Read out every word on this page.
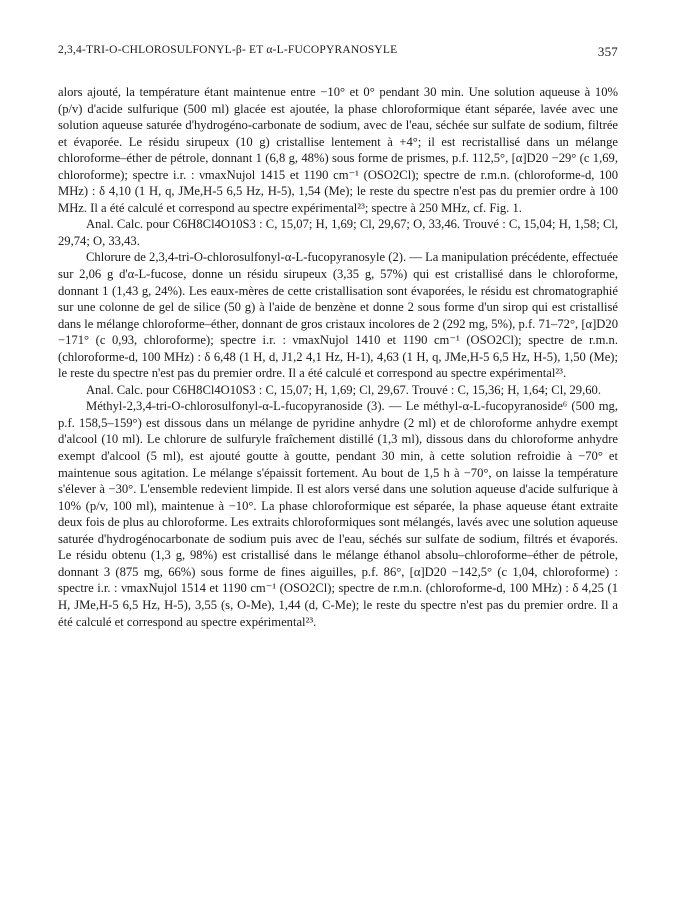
2,3,4-TRI-O-CHLOROSULFONYL-β- ET α-L-FUCOPYRANOSYLE	357

alors ajouté, la température étant maintenue entre −10° et 0° pendant 30 min. Une solution aqueuse à 10% (p/v) d'acide sulfurique (500 ml) glacée est ajoutée, la phase chloroformique étant séparée, lavée avec une solution aqueuse saturée d'hydrogéno-carbonate de sodium, avec de l'eau, séchée sur sulfate de sodium, filtrée et évaporée. Le résidu sirupeux (10 g) cristallise lentement à +4°; il est recristallisé dans un mélange chloroforme–éther de pétrole, donnant 1 (6,8 g, 48%) sous forme de prismes, p.f. 112,5°, [α]D20 −29° (c 1,69, chloroforme); spectre i.r. : νmaxNujol 1415 et 1190 cm⁻¹ (OSO2Cl); spectre de r.m.n. (chloroforme-d, 100 MHz) : δ 4,10 (1 H, q, JMe,H-5 6,5 Hz, H-5), 1,54 (Me); le reste du spectre n'est pas du premier ordre à 100 MHz. Il a été calculé et correspond au spectre expérimental²³; spectre à 250 MHz, cf. Fig. 1.

Anal. Calc. pour C6H8Cl4O10S3 : C, 15,07; H, 1,69; Cl, 29,67; O, 33,46. Trouvé : C, 15,04; H, 1,58; Cl, 29,74; O, 33,43.

Chlorure de 2,3,4-tri-O-chlorosulfonyl-α-L-fucopyranosyle (2). — La manipulation précédente, effectuée sur 2,06 g d'α-L-fucose, donne un résidu sirupeux (3,35 g, 57%) qui est cristallisé dans le chloroforme, donnant 1 (1,43 g, 24%). Les eaux-mères de cette cristallisation sont évaporées, le résidu est chromatographié sur une colonne de gel de silice (50 g) à l'aide de benzène et donne 2 sous forme d'un sirop qui est cristallisé dans le mélange chloroforme–éther, donnant de gros cristaux incolores de 2 (292 mg, 5%), p.f. 71–72°, [α]D20 −171° (c 0,93, chloroforme); spectre i.r. : νmaxNujol 1410 et 1190 cm⁻¹ (OSO2Cl); spectre de r.m.n. (chloroforme-d, 100 MHz) : δ 6,48 (1 H, d, J1,2 4,1 Hz, H-1), 4,63 (1 H, q, JMe,H-5 6,5 Hz, H-5), 1,50 (Me); le reste du spectre n'est pas du premier ordre. Il a été calculé et correspond au spectre expérimental²³.

Anal. Calc. pour C6H8Cl4O10S3 : C, 15,07; H, 1,69; Cl, 29,67. Trouvé : C, 15,36; H, 1,64; Cl, 29,60.

Méthyl-2,3,4-tri-O-chlorosulfonyl-α-L-fucopyranoside (3). — Le méthyl-α-L-fucopyranoside⁶ (500 mg, p.f. 158,5–159°) est dissous dans un mélange de pyridine anhydre (2 ml) et de chloroforme anhydre exempt d'alcool (10 ml). Le chlorure de sulfuryle fraîchement distillé (1,3 ml), dissous dans du chloroforme anhydre exempt d'alcool (5 ml), est ajouté goutte à goutte, pendant 30 min, à cette solution refroidie à −70° et maintenue sous agitation. Le mélange s'épaissit fortement. Au bout de 1,5 h à −70°, on laisse la température s'élever à −30°. L'ensemble redevient limpide. Il est alors versé dans une solution aqueuse d'acide sulfurique à 10% (p/v, 100 ml), maintenue à −10°. La phase chloroformique est séparée, la phase aqueuse étant extraite deux fois de plus au chloroforme. Les extraits chloroformiques sont mélangés, lavés avec une solution aqueuse saturée d'hydrogénocarbonate de sodium puis avec de l'eau, séchés sur sulfate de sodium, filtrés et évaporés. Le résidu obtenu (1,3 g, 98%) est cristallisé dans le mélange éthanol absolu–chloroforme–éther de pétrole, donnant 3 (875 mg, 66%) sous forme de fines aiguilles, p.f. 86°, [α]D20 −142,5° (c 1,04, chloroforme) : spectre i.r. : νmaxNujol 1514 et 1190 cm⁻¹ (OSO2Cl); spectre de r.m.n. (chloroforme-d, 100 MHz) : δ 4,25 (1 H, JMe,H-5 6,5 Hz, H-5), 3,55 (s, O-Me), 1,44 (d, C-Me); le reste du spectre n'est pas du premier ordre. Il a été calculé et correspond au spectre expérimental²³.
